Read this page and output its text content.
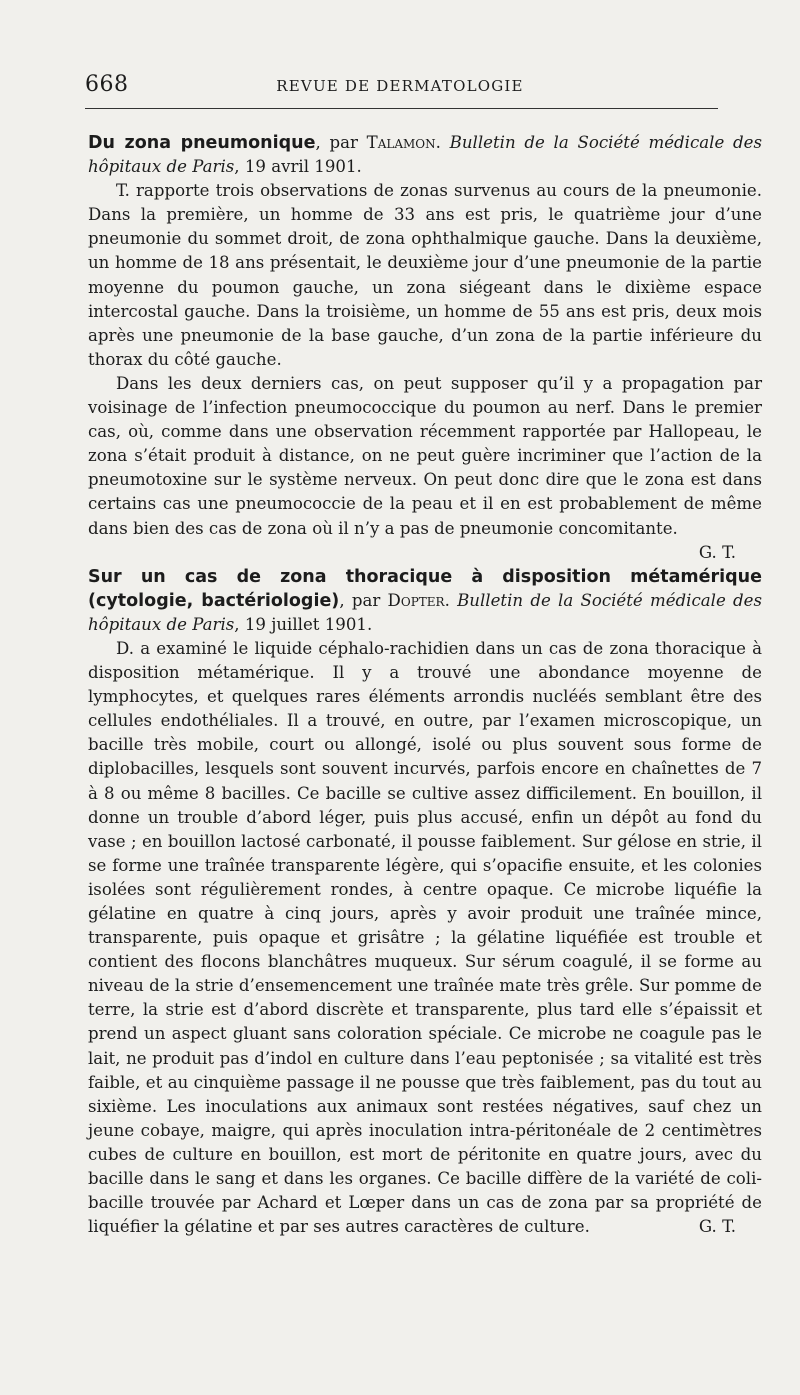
668	REVUE DE DERMATOLOGIE

Du zona pneumonique, par Talamon. Bulletin de la Société médicale des hôpitaux de Paris, 19 avril 1901.

T. rapporte trois observations de zonas survenus au cours de la pneumonie. Dans la première, un homme de 33 ans est pris, le quatrième jour d’une pneumonie du sommet droit, de zona ophthalmique gauche. Dans la deuxième, un homme de 18 ans présentait, le deuxième jour d’une pneumonie de la partie moyenne du poumon gauche, un zona siégeant dans le dixième espace intercostal gauche. Dans la troisième, un homme de 55 ans est pris, deux mois après une pneumonie de la base gauche, d’un zona de la partie inférieure du thorax du côté gauche.

Dans les deux derniers cas, on peut supposer qu’il y a propagation par voisinage de l’infection pneumococcique du poumon au nerf. Dans le premier cas, où, comme dans une observation récemment rapportée par Hallopeau, le zona s’était produit à distance, on ne peut guère incriminer que l’action de la pneumotoxine sur le système nerveux. On peut donc dire que le zona est dans certains cas une pneumococcie de la peau et il en est probablement de même dans bien des cas de zona où il n’y a pas de pneumonie concomitante.
G. T.

Sur un cas de zona thoracique à disposition métamérique (cytologie, bactériologie), par Dopter. Bulletin de la Société médicale des hôpitaux de Paris, 19 juillet 1901.

D. a examiné le liquide céphalo-rachidien dans un cas de zona thoracique à disposition métamérique. Il y a trouvé une abondance moyenne de lymphocytes, et quelques rares éléments arrondis nucléés semblant être des cellules endothéliales. Il a trouvé, en outre, par l’examen microscopique, un bacille très mobile, court ou allongé, isolé ou plus souvent sous forme de diplobacilles, lesquels sont souvent incurvés, parfois encore en chaînettes de 7 à 8 ou même 8 bacilles. Ce bacille se cultive assez difficilement. En bouillon, il donne un trouble d’abord léger, puis plus accusé, enfin un dépôt au fond du vase ; en bouillon lactosé carbonaté, il pousse faiblement. Sur gélose en strie, il se forme une traînée transparente légère, qui s’opacifie ensuite, et les colonies isolées sont régulièrement rondes, à centre opaque. Ce microbe liquéfie la gélatine en quatre à cinq jours, après y avoir produit une traînée mince, transparente, puis opaque et grisâtre ; la gélatine liquéfiée est trouble et contient des flocons blanchâtres muqueux. Sur sérum coagulé, il se forme au niveau de la strie d’ensemencement une traînée mate très grêle. Sur pomme de terre, la strie est d’abord discrète et transparente, plus tard elle s’épaissit et prend un aspect gluant sans coloration spéciale. Ce microbe ne coagule pas le lait, ne produit pas d’indol en culture dans l’eau peptonisée ; sa vitalité est très faible, et au cinquième passage il ne pousse que très faiblement, pas du tout au sixième. Les inoculations aux animaux sont restées négatives, sauf chez un jeune cobaye, maigre, qui après inoculation intra-péritonéale de 2 centimètres cubes de culture en bouillon, est mort de péritonite en quatre jours, avec du bacille dans le sang et dans les organes. Ce bacille diffère de la variété de coli-bacille trouvée par Achard et Lœper dans un cas de zona par sa propriété de liquéfier la gélatine et par ses autres caractères de culture.	G. T.
